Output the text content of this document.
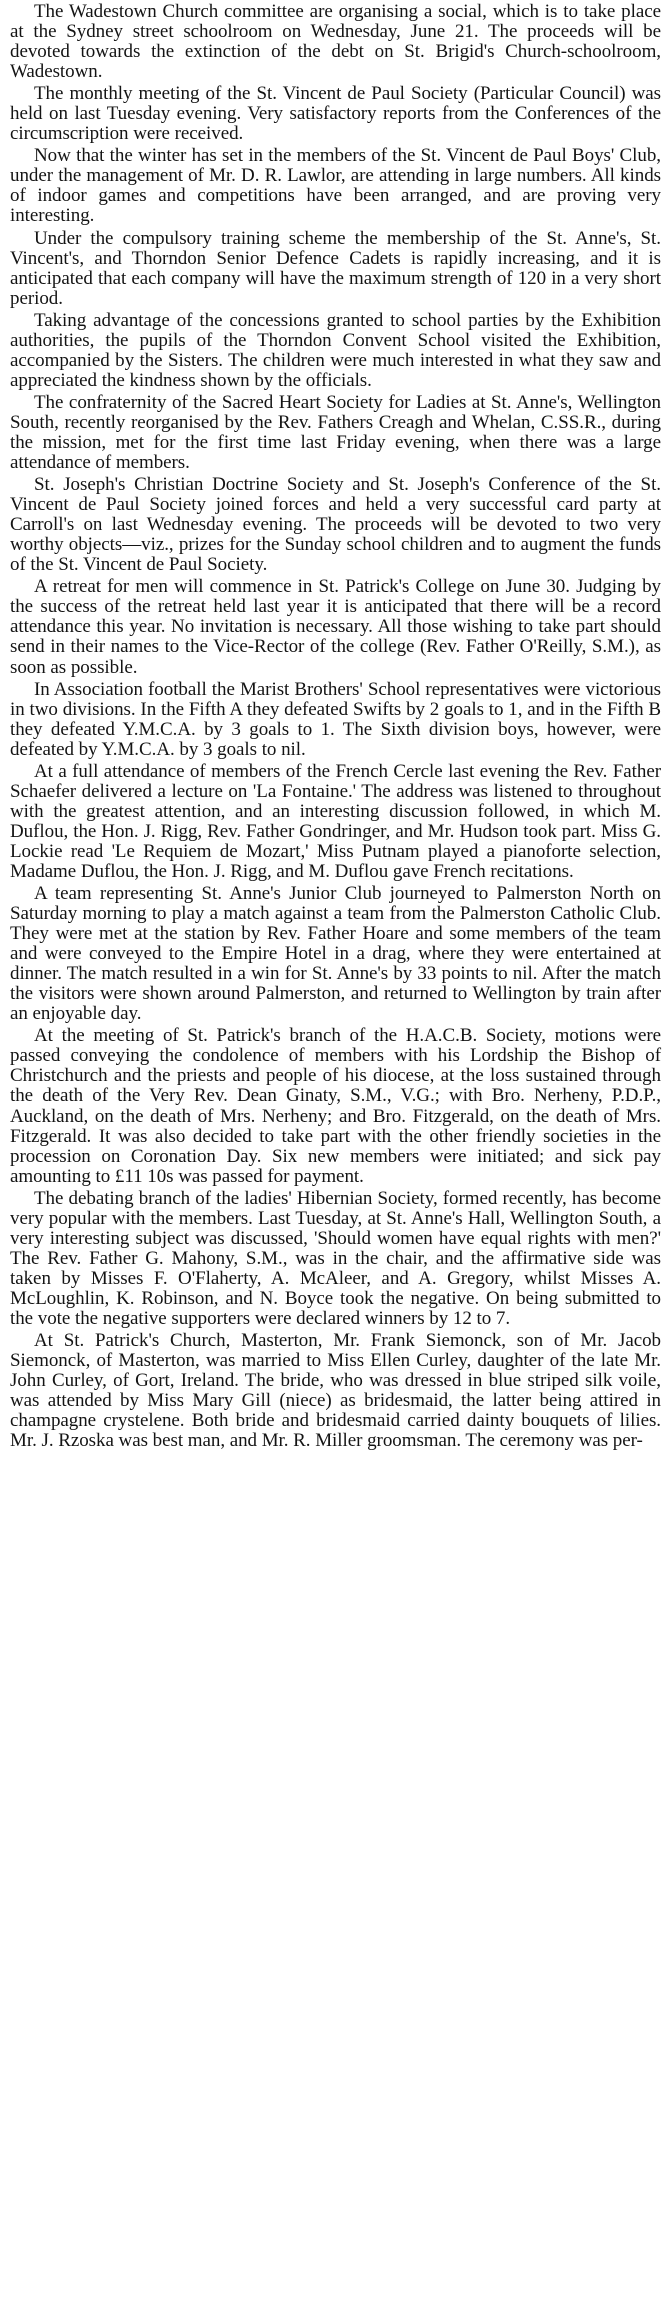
The Wadestown Church committee are organising a social, which is to take place at the Sydney street schoolroom on Wednesday, June 21. The proceeds will be devoted towards the extinction of the debt on St. Brigid's Church-schoolroom, Wadestown.

The monthly meeting of the St. Vincent de Paul Society (Particular Council) was held on last Tuesday evening. Very satisfactory reports from the Conferences of the circumscription were received.

Now that the winter has set in the members of the St. Vincent de Paul Boys' Club, under the management of Mr. D. R. Lawlor, are attending in large numbers. All kinds of indoor games and competitions have been arranged, and are proving very interesting.

Under the compulsory training scheme the membership of the St. Anne's, St. Vincent's, and Thorndon Senior Defence Cadets is rapidly increasing, and it is anticipated that each company will have the maximum strength of 120 in a very short period.

Taking advantage of the concessions granted to school parties by the Exhibition authorities, the pupils of the Thorndon Convent School visited the Exhibition, accompanied by the Sisters. The children were much interested in what they saw and appreciated the kindness shown by the officials.

The confraternity of the Sacred Heart Society for Ladies at St. Anne's, Wellington South, recently reorganised by the Rev. Fathers Creagh and Whelan, C.SS.R., during the mission, met for the first time last Friday evening, when there was a large attendance of members.

St. Joseph's Christian Doctrine Society and St. Joseph's Conference of the St. Vincent de Paul Society joined forces and held a very successful card party at Carroll's on last Wednesday evening. The proceeds will be devoted to two very worthy objects—viz., prizes for the Sunday school children and to augment the funds of the St. Vincent de Paul Society.

A retreat for men will commence in St. Patrick's College on June 30. Judging by the success of the retreat held last year it is anticipated that there will be a record attendance this year. No invitation is necessary. All those wishing to take part should send in their names to the Vice-Rector of the college (Rev. Father O'Reilly, S.M.), as soon as possible.

In Association football the Marist Brothers' School representatives were victorious in two divisions. In the Fifth A they defeated Swifts by 2 goals to 1, and in the Fifth B they defeated Y.M.C.A. by 3 goals to 1. The Sixth division boys, however, were defeated by Y.M.C.A. by 3 goals to nil.

At a full attendance of members of the French Cercle last evening the Rev. Father Schaefer delivered a lecture on 'La Fontaine.' The address was listened to throughout with the greatest attention, and an interesting discussion followed, in which M. Duflou, the Hon. J. Rigg, Rev. Father Gondringer, and Mr. Hudson took part. Miss G. Lockie read 'Le Requiem de Mozart,' Miss Putnam played a pianoforte selection, Madame Duflou, the Hon. J. Rigg, and M. Duflou gave French recitations.

A team representing St. Anne's Junior Club journeyed to Palmerston North on Saturday morning to play a match against a team from the Palmerston Catholic Club. They were met at the station by Rev. Father Hoare and some members of the team and were conveyed to the Empire Hotel in a drag, where they were entertained at dinner. The match resulted in a win for St. Anne's by 33 points to nil. After the match the visitors were shown around Palmerston, and returned to Wellington by train after an enjoyable day.

At the meeting of St. Patrick's branch of the H.A.C.B. Society, motions were passed conveying the condolence of members with his Lordship the Bishop of Christchurch and the priests and people of his diocese, at the loss sustained through the death of the Very Rev. Dean Ginaty, S.M., V.G.; with Bro. Nerheny, P.D.P., Auckland, on the death of Mrs. Nerheny; and Bro. Fitzgerald, on the death of Mrs. Fitzgerald. It was also decided to take part with the other friendly societies in the procession on Coronation Day. Six new members were initiated; and sick pay amounting to £11 10s was passed for payment.

The debating branch of the ladies' Hibernian Society, formed recently, has become very popular with the members. Last Tuesday, at St. Anne's Hall, Wellington South, a very interesting subject was discussed, 'Should women have equal rights with men?' The Rev. Father G. Mahony, S.M., was in the chair, and the affirmative side was taken by Misses F. O'Flaherty, A. McAleer, and A. Gregory, whilst Misses A. McLoughlin, K. Robinson, and N. Boyce took the negative. On being submitted to the vote the negative supporters were declared winners by 12 to 7.

At St. Patrick's Church, Masterton, Mr. Frank Siemonck, son of Mr. Jacob Siemonck, of Masterton, was married to Miss Ellen Curley, daughter of the late Mr. John Curley, of Gort, Ireland. The bride, who was dressed in blue striped silk voile, was attended by Miss Mary Gill (niece) as bridesmaid, the latter being attired in champagne crystelene. Both bride and bridesmaid carried dainty bouquets of lilies. Mr. J. Rzoska was best man, and Mr. R. Miller groomsman. The ceremony was per-
